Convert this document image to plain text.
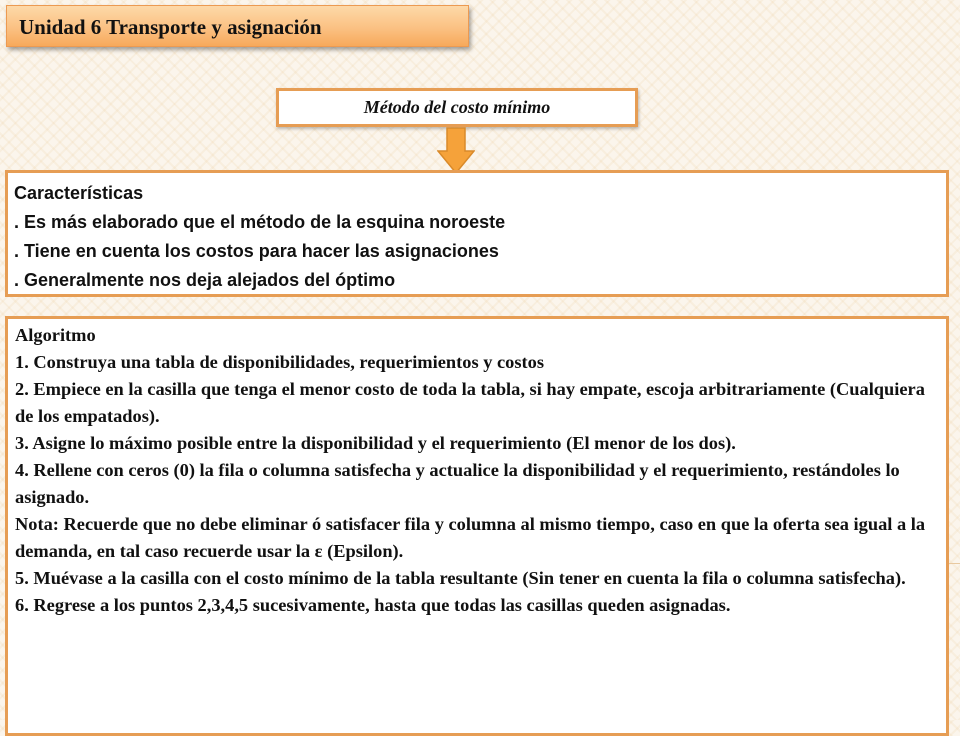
Unidad 6 Transporte y asignación
Método del costo mínimo
Características
. Es más elaborado que el método de la esquina noroeste
. Tiene en cuenta los costos para hacer las asignaciones
. Generalmente nos deja alejados del óptimo
Algoritmo
1. Construya una tabla de disponibilidades, requerimientos y costos
2. Empiece en la casilla que tenga el menor costo de toda la tabla, si hay empate, escoja arbitrariamente (Cualquiera de los empatados).
3. Asigne lo máximo posible entre la disponibilidad y el requerimiento (El menor de los dos).
4. Rellene con ceros (0) la fila o columna satisfecha y actualice la disponibilidad y el requerimiento, restándoles lo asignado.
Nota: Recuerde que no debe eliminar ó satisfacer fila y columna al mismo tiempo, caso en que la oferta sea igual a la demanda, en tal caso recuerde usar la ε (Epsilon).
5. Muévase a la casilla con el costo mínimo de la tabla resultante (Sin tener en cuenta la fila o columna satisfecha).
6. Regrese a los puntos 2,3,4,5 sucesivamente, hasta que todas las casillas queden asignadas.
